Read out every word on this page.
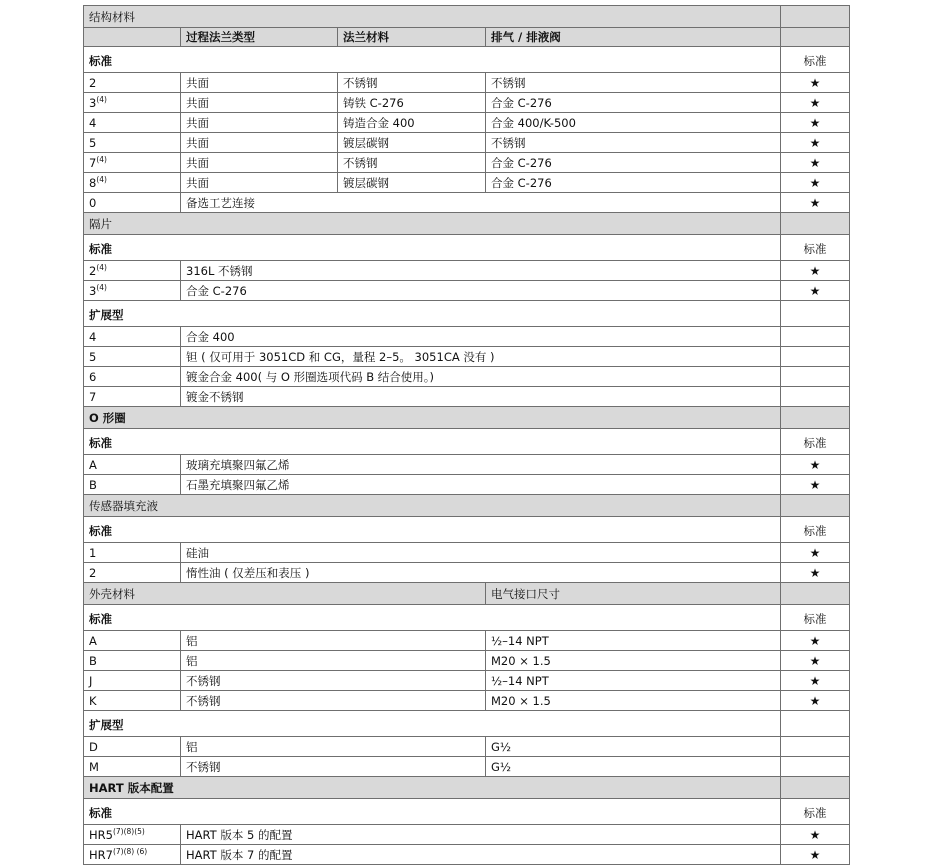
结构材料				
	过程法兰类型	法兰材料	排气 / 排液阀	
标准				标准
2	共面	不锈钢	不锈钢	★
3$^{(4)}$	共面	铸铁 C-276	合金 C-276	★
4	共面	铸造合金 400	合金 400/K-500	★
5	共面	镀层碳钢	不锈钢	★
7$^{(4)}$	共面	不锈钢	合金 C-276	★
8$^{(4)}$	共面	镀层碳钢	合金 C-276	★
0	备选工艺连接			★
隔片				
标准				标准
2$^{(4)}$	316L 不锈钢			★
3$^{(4)}$	合金 C-276			★
扩展型				
4	合金 400			
5	钽 ( 仅可用于 3051CD 和 CG，量程 2–5。 3051CA 没有 )			
6	镀金合金 400( 与 O 形圈选项代码 B 结合使用。)			
7	镀金不锈钢			
O 形圈				
标准				标准
A	玻璃充填聚四氟乙烯			★
B	石墨充填聚四氟乙烯			★
传感器填充液				
标准				标准
1	硅油			★
2	惰性油 ( 仅差压和表压 )			★
外壳材料			电气接口尺寸	
标准				标准
A	铝		½–14 NPT	★
B	铝		M20 × 1.5	★
J	不锈钢		½–14 NPT	★
K	不锈钢		M20 × 1.5	★
扩展型				
D	铝		G½	
M	不锈钢		G½	
HART 版本配置				
标准				标准
$HR5^{(7)(8)(5)}$	HART 版本 5 的配置			★
$HR7^{(7)(8) (6)}$	HART 版本 7 的配置			★
